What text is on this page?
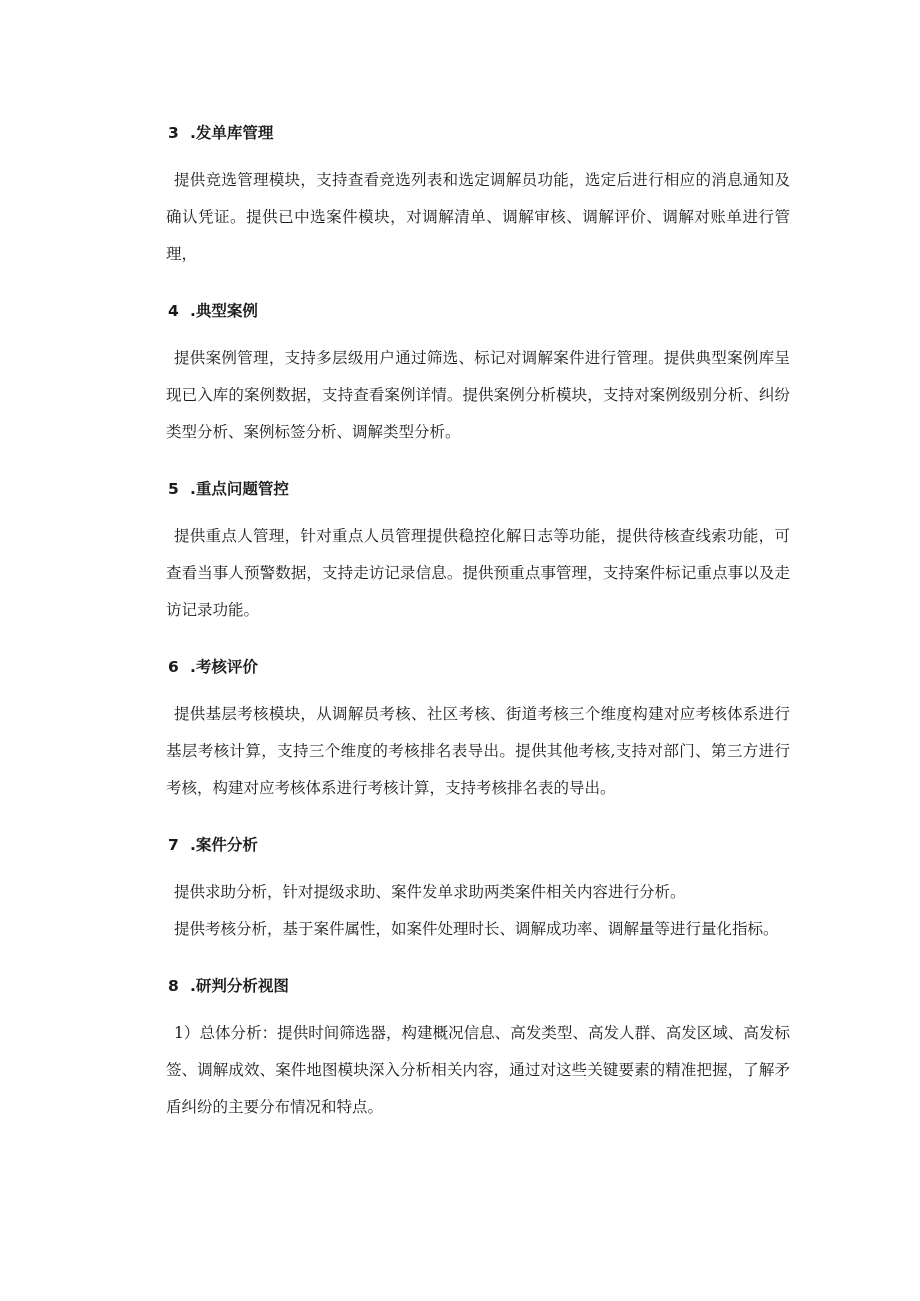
3 .发单库管理

提供竞选管理模块，支持查看竞选列表和选定调解员功能，选定后进行相应的消息通知及确认凭证。提供已中选案件模块，对调解清单、调解审核、调解评价、调解对账单进行管理，

4 .典型案例

提供案例管理，支持多层级用户通过筛选、标记对调解案件进行管理。提供典型案例库呈现已入库的案例数据，支持查看案例详情。提供案例分析模块，支持对案例级别分析、纠纷类型分析、案例标签分析、调解类型分析。

5 .重点问题管控

提供重点人管理，针对重点人员管理提供稳控化解日志等功能，提供待核查线索功能，可查看当事人预警数据，支持走访记录信息。提供预重点事管理，支持案件标记重点事以及走访记录功能。

6 .考核评价

提供基层考核模块，从调解员考核、社区考核、街道考核三个维度构建对应考核体系进行基层考核计算，支持三个维度的考核排名表导出。提供其他考核,支持对部门、第三方进行考核，构建对应考核体系进行考核计算，支持考核排名表的导出。

7 .案件分析

提供求助分析，针对提级求助、案件发单求助两类案件相关内容进行分析。

提供考核分析，基于案件属性，如案件处理时长、调解成功率、调解量等进行量化指标。

8 .研判分析视图

1）总体分析：提供时间筛选器，构建概况信息、高发类型、高发人群、高发区域、高发标签、调解成效、案件地图模块深入分析相关内容，通过对这些关键要素的精准把握，了解矛盾纠纷的主要分布情况和特点。
